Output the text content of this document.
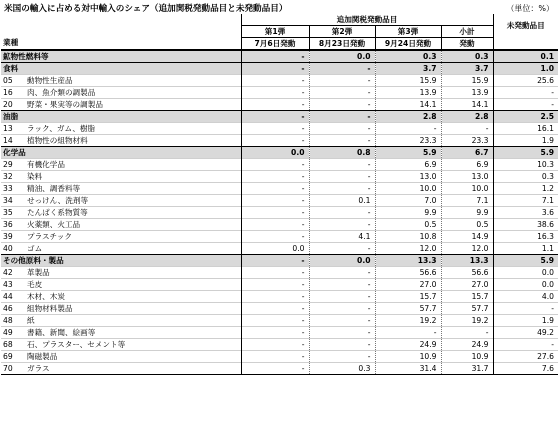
米国の輸入に占める対中輸入のシェア（追加関税発動品目と未発動品目）	（単位：%）
		追加関税発動品目				未発動品目
		第1弾	第2弾	第3弾	小計	
業種		7月6日発動	8月23日発動	9月24日発動	発動	
鉱物性燃料等		-	0.0	0.3	0.3	0.1
食料		-	-	3.7	3.7	1.0
05	動物性生産品	-	-	15.9	15.9	25.6
16	肉、魚介類の調製品	-	-	13.9	13.9	-
20	野菜・果実等の調製品	-	-	14.1	14.1	-
油脂		-	-	2.8	2.8	2.5
13	ラック、ガム、樹脂	-	-	-	-	16.1
14	植物性の組物材料	-	-	23.3	23.3	1.9
化学品		0.0	0.8	5.9	6.7	5.9
29	有機化学品	-	-	6.9	6.9	10.3
32	染料	-	-	13.0	13.0	0.3
33	精油、調香料等	-	-	10.0	10.0	1.2
34	せっけん、洗剤等	-	0.1	7.0	7.1	7.1
35	たんぱく系物質等	-	-	9.9	9.9	3.6
36	火薬類、火工品	-	-	0.5	0.5	38.6
39	プラスチック	-	4.1	10.8	14.9	16.3
40	ゴム	0.0	-	12.0	12.0	1.1
その他原料・製品		-	0.0	13.3	13.3	5.9
42	革製品	-	-	56.6	56.6	0.0
43	毛皮	-	-	27.0	27.0	0.0
44	木材、木炭	-	-	15.7	15.7	4.0
46	組物材料製品	-	-	57.7	57.7	-
48	紙	-	-	19.2	19.2	1.9
49	書籍、新聞、絵画等	-	-	-	-	49.2
68	石、プラスター、セメント等	-	-	24.9	24.9	-
69	陶磁製品	-	-	10.9	10.9	27.6
70	ガラス	-	0.3	31.4	31.7	7.6
